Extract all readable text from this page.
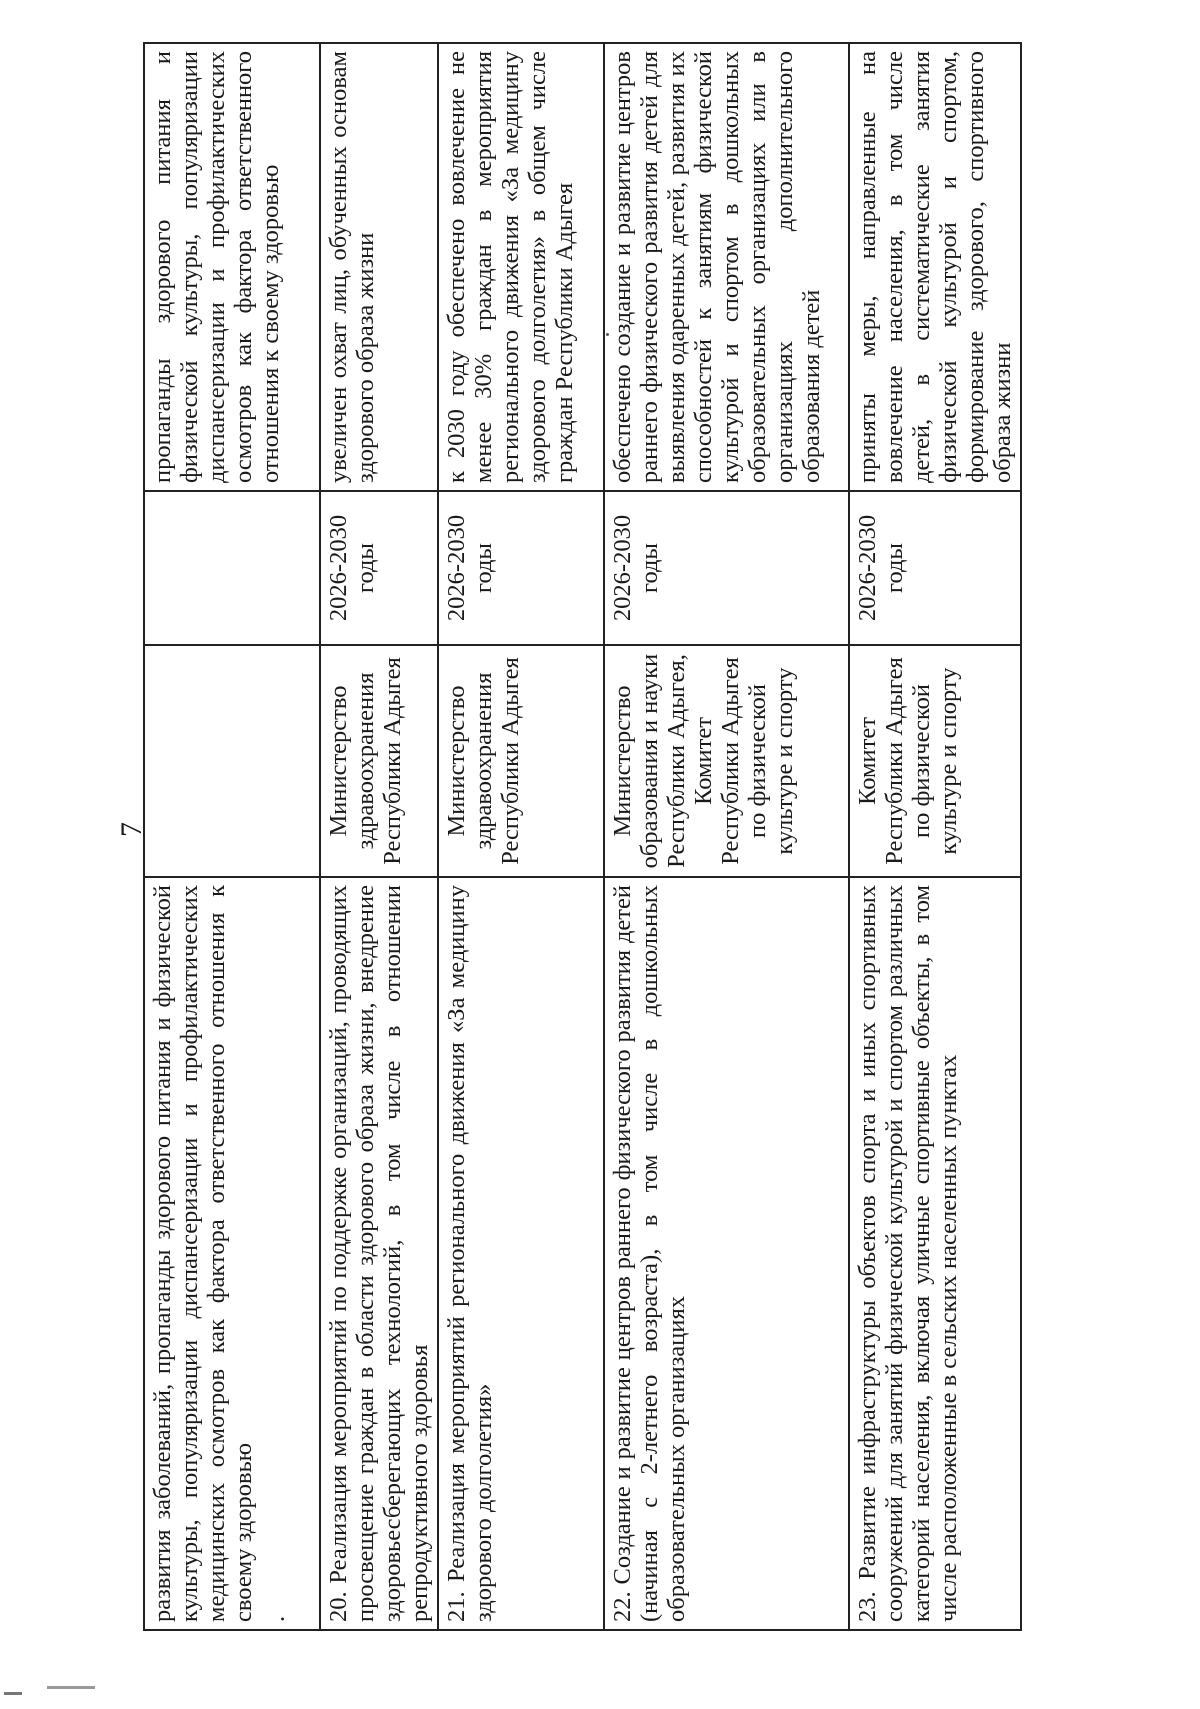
7
развития заболеваний, пропаганды здорового питания и физической культуры, популяризации диспансеризации и профилактических медицинских осмотров как фактора ответственного отношения к своему здоровью .			пропаганды здорового питания и физической культуры, популяризации диспансеризации и профилактических осмотров как фактора ответственного отношения к своему здоровью
20. Реализация мероприятий по поддержке организаций, проводящих просвещение граждан в области здорового образа жизни, внедрение здоровьесберегающих технологий, в том числе в отношении репродуктивного здоровья	Министерство здравоохранения Республики Адыгея	2026-2030 годы	увеличен охват лиц, обученных основам здорового образа жизни
21. Реализация мероприятий регионального движения «За медицину здорового долголетия»	Министерство здравоохранения Республики Адыгея	2026-2030 годы	к 2030 году обеспечено вовлечение не менее 30% граждан в мероприятия регионального движения «За медицину здорового долголетия» в общем числе граждан Республики Адыгея
22. Создание и развитие центров раннего физического развития детей (начиная с 2-летнего возраста), в том числе в дошкольных образовательных организациях	Министерство образования и науки Республики Адыгея, Комитет Республики Адыгея по физической культуре и спорту	2026-2030 годы	обеспечено создание и развитие центров раннего физического развития детей для выявления одаренных детей, развития их способностей к занятиям физической культурой и спортом в дошкольных образовательных организациях или в организациях дополнительного образования детей
23. Развитие инфраструктуры объектов спорта и иных спортивных сооружений для занятий физической культурой и спортом различных категорий населения, включая уличные спортивные объекты, в том числе расположенные в сельских населенных пунктах	Комитет Республики Адыгея по физической культуре и спорту	2026-2030 годы	приняты меры, направленные на вовлечение населения, в том числе детей, в систематические занятия физической культурой и спортом, формирование здорового, спортивного образа жизни
